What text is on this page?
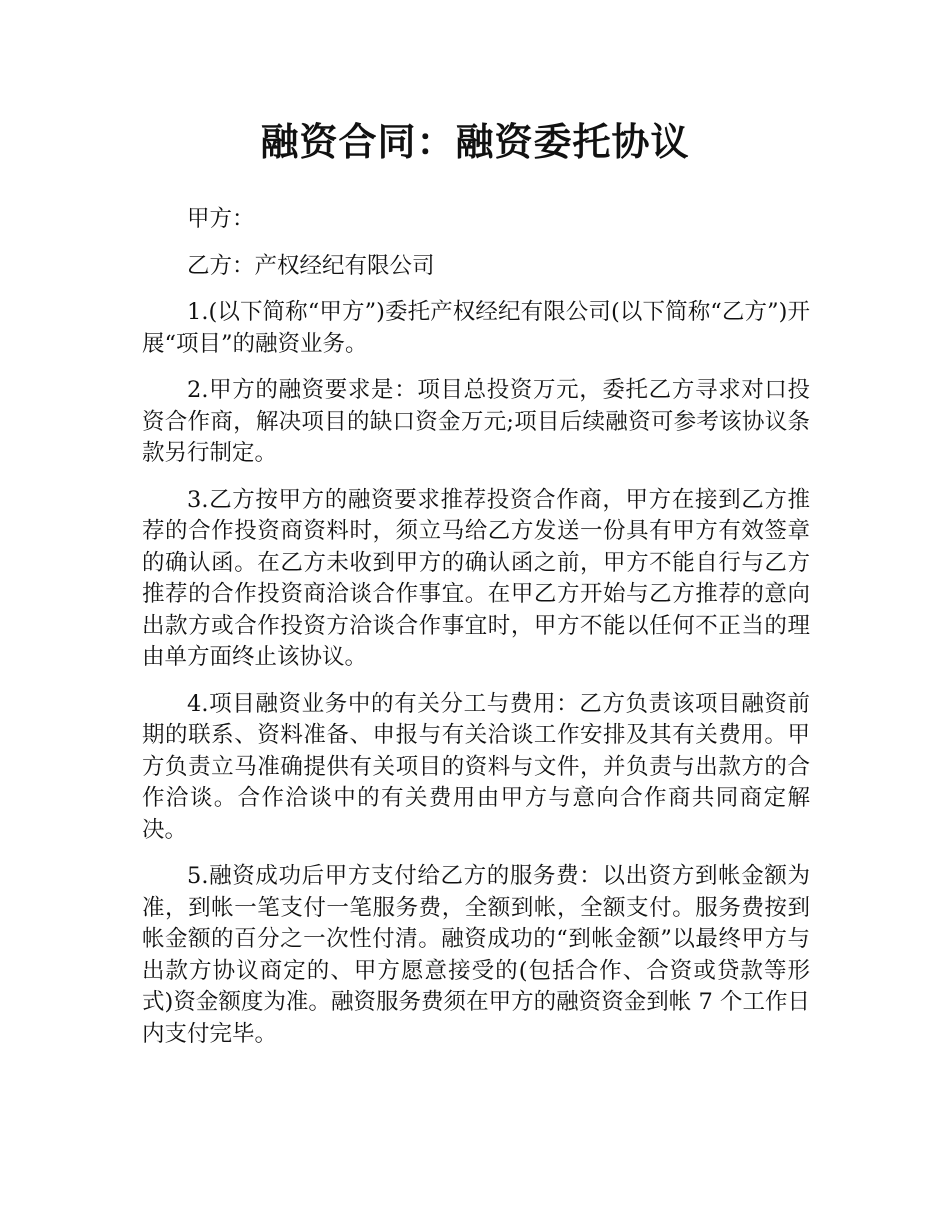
融资合同：融资委托协议

甲方：

乙方：产权经纪有限公司

1.(以下简称“甲方”)委托产权经纪有限公司(以下简称“乙方”)开展“项目”的融资业务。

2.甲方的融资要求是：项目总投资万元，委托乙方寻求对口投资合作商，解决项目的缺口资金万元;项目后续融资可参考该协议条款另行制定。

3.乙方按甲方的融资要求推荐投资合作商，甲方在接到乙方推荐的合作投资商资料时，须立马给乙方发送一份具有甲方有效签章的确认函。在乙方未收到甲方的确认函之前，甲方不能自行与乙方推荐的合作投资商洽谈合作事宜。在甲乙方开始与乙方推荐的意向出款方或合作投资方洽谈合作事宜时，甲方不能以任何不正当的理由单方面终止该协议。

4.项目融资业务中的有关分工与费用：乙方负责该项目融资前期的联系、资料准备、申报与有关洽谈工作安排及其有关费用。甲方负责立马准确提供有关项目的资料与文件，并负责与出款方的合作洽谈。合作洽谈中的有关费用由甲方与意向合作商共同商定解决。

5.融资成功后甲方支付给乙方的服务费：以出资方到帐金额为准，到帐一笔支付一笔服务费，全额到帐，全额支付。服务费按到帐金额的百分之一次性付清。融资成功的“到帐金额”以最终甲方与出款方协议商定的、甲方愿意接受的(包括合作、合资或贷款等形式)资金额度为准。融资服务费须在甲方的融资资金到帐 7 个工作日内支付完毕。
